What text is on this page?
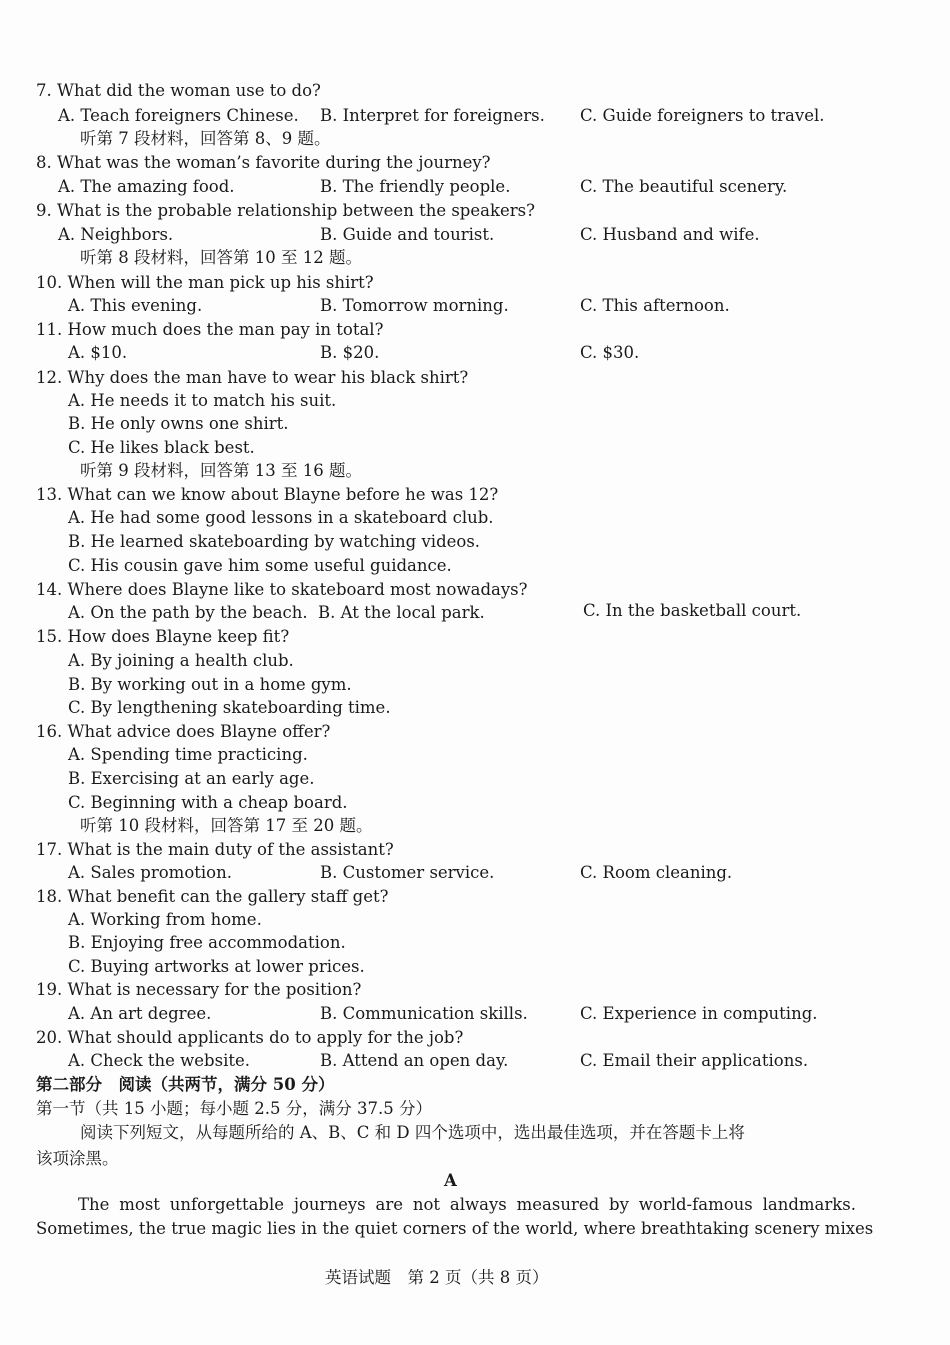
7. What did the woman use to do?
A. Teach foreigners Chinese. B. Interpret for foreigners. C. Guide foreigners to travel.
听第 7 段材料，回答第 8、9 题。
8. What was the woman’s favorite during the journey?
A. The amazing food.	B. The friendly people.	C. The beautiful scenery.
9. What is the probable relationship between the speakers?
A. Neighbors.	B. Guide and tourist.	C. Husband and wife.
听第 8 段材料，回答第 10 至 12 题。
10. When will the man pick up his shirt?
A. This evening.	B. Tomorrow morning.	C. This afternoon.
11. How much does the man pay in total?
A. $10.	B. $20.	C. $30.
12. Why does the man have to wear his black shirt?
A. He needs it to match his suit.
B. He only owns one shirt.
C. He likes black best.
听第 9 段材料，回答第 13 至 16 题。
13. What can we know about Blayne before he was 12?
A. He had some good lessons in a skateboard club.
B. He learned skateboarding by watching videos.
C. His cousin gave him some useful guidance.
14. Where does Blayne like to skateboard most nowadays?
A. On the path by the beach. B. At the local park.	C. In the basketball court.
15. How does Blayne keep fit?
A. By joining a health club.
B. By working out in a home gym.
C. By lengthening skateboarding time.
16. What advice does Blayne offer?
A. Spending time practicing.
B. Exercising at an early age.
C. Beginning with a cheap board.
听第 10 段材料，回答第 17 至 20 题。
17. What is the main duty of the assistant?
A. Sales promotion.	B. Customer service.	C. Room cleaning.
18. What benefit can the gallery staff get?
A. Working from home.
B. Enjoying free accommodation.
C. Buying artworks at lower prices.
19. What is necessary for the position?
A. An art degree.	B. Communication skills.	C. Experience in computing.
20. What should applicants do to apply for the job?
A. Check the website.	B. Attend an open day.	C. Email their applications.
第二部分　阅读（共两节，满分 50 分）
第一节（共 15 小题；每小题 2.5 分，满分 37.5 分）
阅读下列短文，从每题所给的 A、B、C 和 D 四个选项中，选出最佳选项，并在答题卡上将
该项涂黑。
A
The most unforgettable journeys are not always measured by world-famous landmarks.
Sometimes, the true magic lies in the quiet corners of the world, where breathtaking scenery mixes
英语试题　第 2 页（共 8 页）
